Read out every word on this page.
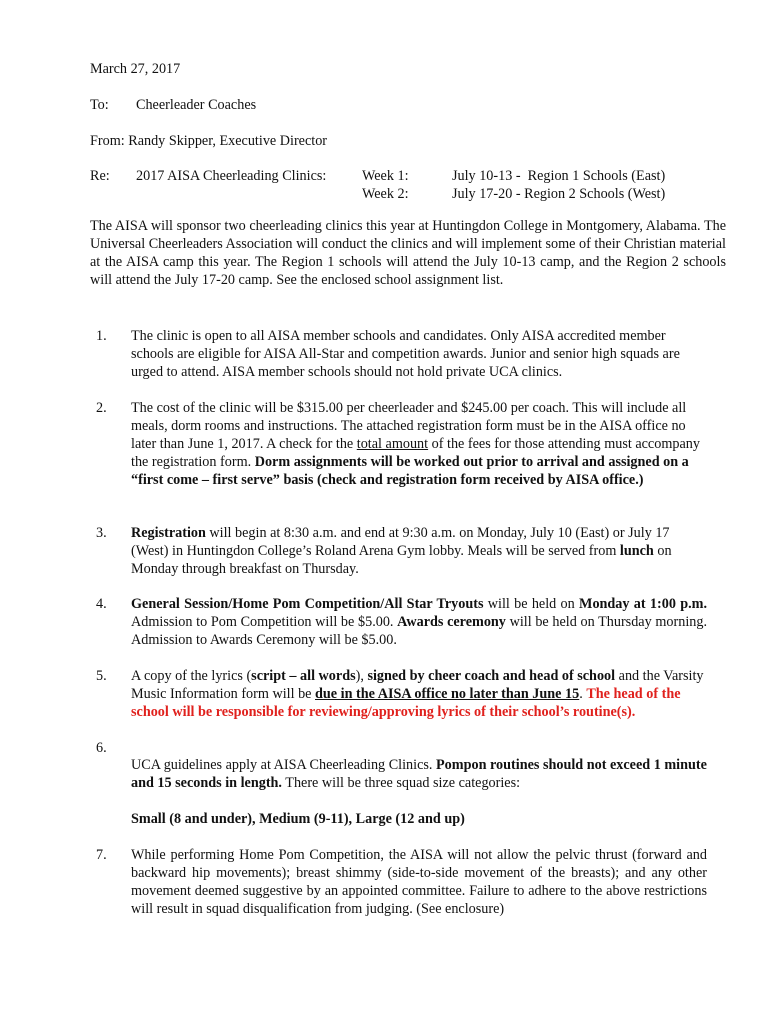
March 27, 2017
To: Cheerleader Coaches
From: Randy Skipper, Executive Director
Re: 2017 AISA Cheerleading Clinics:	Week 1:	July 10-13 -  Region 1 Schools (East)
Week 2:	July 17-20 - Region 2 Schools (West)
The AISA will sponsor two cheerleading clinics this year at Huntingdon College in Montgomery, Alabama. The Universal Cheerleaders Association will conduct the clinics and will implement some of their Christian material at the AISA camp this year. The Region 1 schools will attend the July 10-13 camp, and the Region 2 schools will attend the July 17-20 camp. See the enclosed school assignment list.
1. The clinic is open to all AISA member schools and candidates. Only AISA accredited member schools are eligible for AISA All-Star and competition awards. Junior and senior high squads are urged to attend. AISA member schools should not hold private UCA clinics.
2. The cost of the clinic will be $315.00 per cheerleader and $245.00 per coach. This will include all meals, dorm rooms and instructions. The attached registration form must be in the AISA office no later than June 1, 2017. A check for the total amount of the fees for those attending must accompany the registration form. Dorm assignments will be worked out prior to arrival and assigned on a “first come – first serve” basis (check and registration form received by AISA office.)
3. Registration will begin at 8:30 a.m. and end at 9:30 a.m. on Monday, July 10 (East) or July 17 (West) in Huntingdon College’s Roland Arena Gym lobby. Meals will be served from lunch on Monday through breakfast on Thursday.
4. General Session/Home Pom Competition/All Star Tryouts will be held on Monday at 1:00 p.m. Admission to Pom Competition will be $5.00. Awards ceremony will be held on Thursday morning. Admission to Awards Ceremony will be $5.00.
5. A copy of the lyrics (script – all words), signed by cheer coach and head of school and the Varsity Music Information form will be due in the AISA office no later than June 15. The head of the school will be responsible for reviewing/approving lyrics of their school’s routine(s).
6.
UCA guidelines apply at AISA Cheerleading Clinics. Pompon routines should not exceed 1 minute and 15 seconds in length. There will be three squad size categories:
Small (8 and under), Medium (9-11), Large (12 and up)
7. While performing Home Pom Competition, the AISA will not allow the pelvic thrust (forward and backward hip movements); breast shimmy (side-to-side movement of the breasts); and any other movement deemed suggestive by an appointed committee. Failure to adhere to the above restrictions will result in squad disqualification from judging. (See enclosure)
